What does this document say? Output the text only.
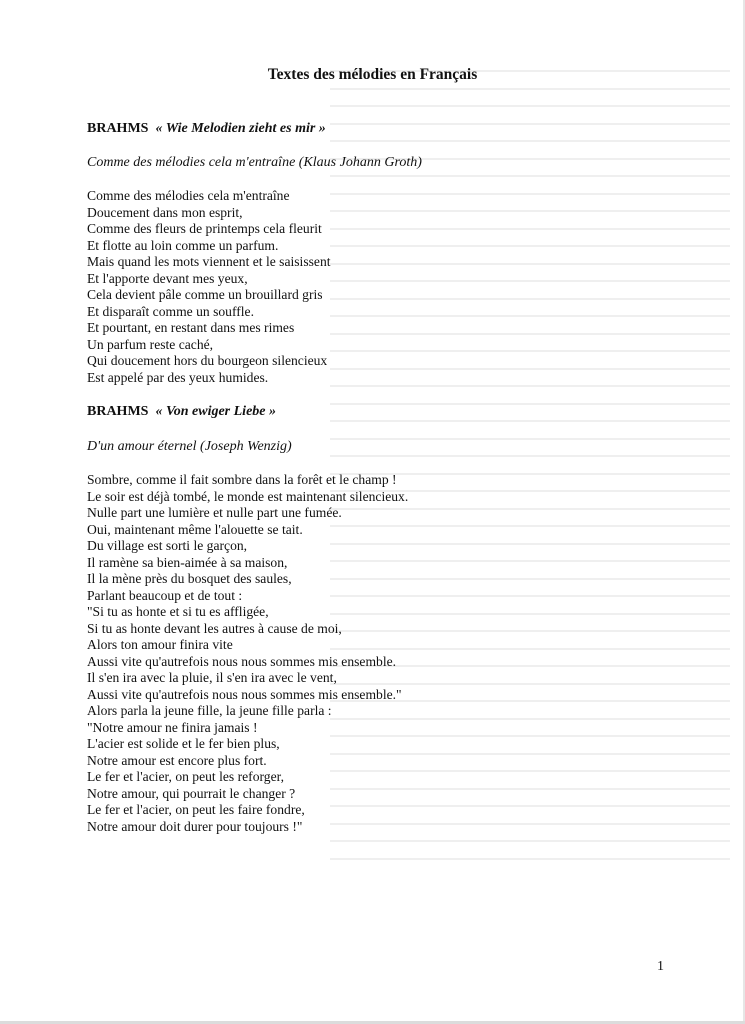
Textes des mélodies en Français
BRAHMS « Wie Melodien zieht es mir »
Comme des mélodies cela m'entraîne (Klaus Johann Groth)
Comme des mélodies cela m'entraîne
Doucement dans mon esprit,
Comme des fleurs de printemps cela fleurit
Et flotte au loin comme un parfum.
Mais quand les mots viennent et le saisissent
Et l'apporte devant mes yeux,
Cela devient pâle comme un brouillard gris
Et disparaît comme un souffle.
Et pourtant, en restant dans mes rimes
Un parfum reste caché,
Qui doucement hors du bourgeon silencieux
Est appelé par des yeux humides.
BRAHMS « Von ewiger Liebe »
D'un amour éternel (Joseph Wenzig)
Sombre, comme il fait sombre dans la forêt et le champ !
Le soir est déjà tombé, le monde est maintenant silencieux.
Nulle part une lumière et nulle part une fumée.
Oui, maintenant même l'alouette se tait.
Du village est sorti le garçon,
Il ramène sa bien-aimée à sa maison,
Il la mène près du bosquet des saules,
Parlant beaucoup et de tout :
"Si tu as honte et si tu es affligée,
Si tu as honte devant les autres à cause de moi,
Alors ton amour finira vite
Aussi vite qu'autrefois nous nous sommes mis ensemble.
Il s'en ira avec la pluie, il s'en ira avec le vent,
Aussi vite qu'autrefois nous nous sommes mis ensemble."
Alors parla la jeune fille, la jeune fille parla :
"Notre amour ne finira jamais !
L'acier est solide et le fer bien plus,
Notre amour est encore plus fort.
Le fer et l'acier, on peut les reforger,
Notre amour, qui pourrait le changer ?
Le fer et l'acier, on peut les faire fondre,
Notre amour doit durer pour toujours !"
1
